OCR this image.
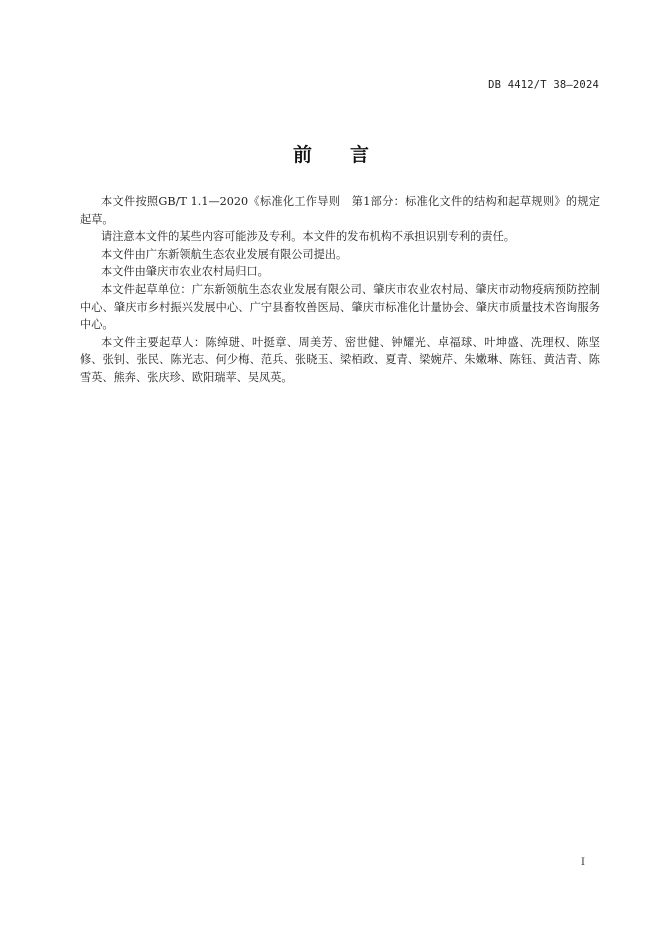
DB 4412/T 38—2024
前 言

本文件按照GB/T 1.1—2020《标准化工作导则　第1部分：标准化文件的结构和起草规则》的规定起草。

请注意本文件的某些内容可能涉及专利。本文件的发布机构不承担识别专利的责任。

本文件由广东新领航生态农业发展有限公司提出。

本文件由肇庆市农业农村局归口。

本文件起草单位：广东新领航生态农业发展有限公司、肇庆市农业农村局、肇庆市动物疫病预防控制中心、肇庆市乡村振兴发展中心、广宁县畜牧兽医局、肇庆市标准化计量协会、肇庆市质量技术咨询服务中心。

本文件主要起草人：陈绰琎、叶挺章、周美芳、密世健、钟耀光、卓福球、叶坤盛、冼理权、陈坚修、张钊、张民、陈光志、何少梅、范兵、张晓玉、梁栢政、夏青、梁婉芹、朱嫩琳、陈钰、黄洁青、陈雪英、熊奔、张庆珍、欧阳瑞苹、吴凤英。

I
